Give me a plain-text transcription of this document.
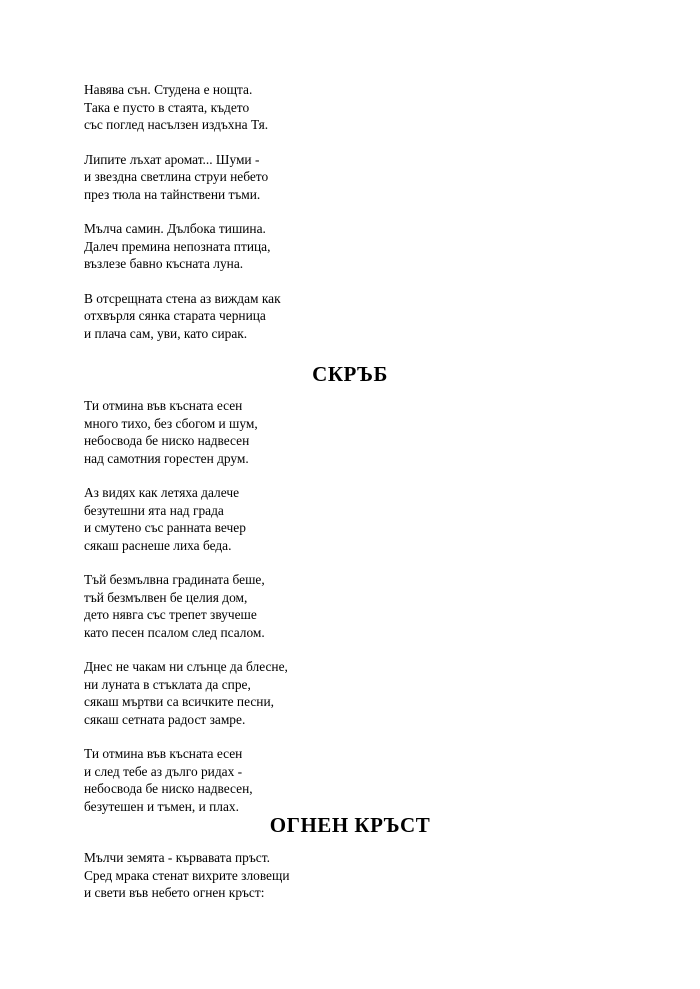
Навява сън. Студена е нощта.
Така е пусто в стаята, където
със поглед насълзен издъхна Тя.
Липите лъхат аромат... Шуми -
и звездна светлина струи небето
през тюла на тайнствени тъми.
Мълча самин. Дълбока тишина.
Далеч премина непозната птица,
възлезе бавно късната луна.
В отсрещната стена аз виждам как
отхвърля сянка старата черница
и плача сам, уви, като сирак.
СКРЪБ
Ти отмина във късната есен
много тихо, без сбогом и шум,
небосвода бе ниско надвесен
над самотния горестен друм.
Аз видях как летяха далече
безутешни ята над града
и смутено със ранната вечер
сякаш раснеше лиха беда.
Тъй безмълвна градината беше,
тъй безмълвен бе целия дом,
дето нявга със трепет звучеше
като песен псалом след псалом.
Днес не чакам ни слънце да блесне,
ни луната в стъклата да спре,
сякаш мъртви са всичките песни,
сякаш сетната радост замре.
Ти отмина във късната есен
и след тебе аз дълго ридах -
небосвода бе ниско надвесен,
безутешен и тъмен, и плах.
ОГНЕН КРЪСТ
Мълчи земята - кървавата пръст.
Сред мрака стенат вихрите зловещи
и свети във небето огнен кръст:
